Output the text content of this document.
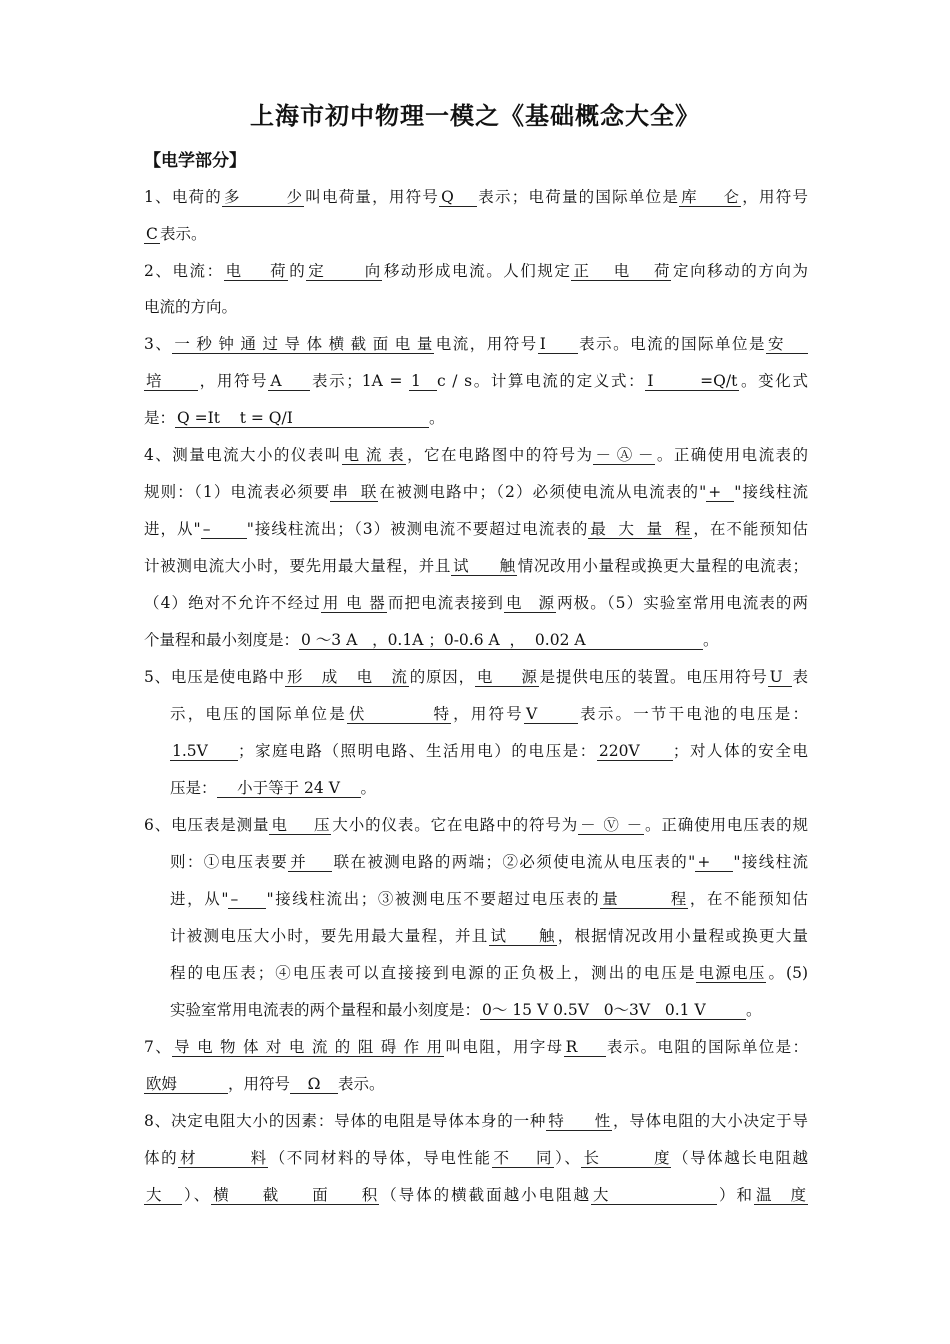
上海市初中物理一模之《基础概念大全》
【电学部分】
1、电荷的 多少 叫电荷量，用符号 Q 表示；电荷量的国际单位是 库仑 ，用符号
C 表示。
2、电流： 电荷 的 定向 移动形成电流。人们规定 正电荷 定向移动的方向为
电流的方向。
3、 一秒钟通过导体横截面电量 电流，用符号 I 表示。电流的国际单位是 安
培 ，用符号 A 表示；1A = 1 c / s。计算电流的定义式： I =Q/t 。变化式
是： Q =It    t = Q/I	。
4、测量电流大小的仪表叫 电流表 ，它在电路图中的符号为 －Ⓐ－ 。正确使用电流表的
规则：（1）电流表必须要 串联 在被测电路中；（2）必须使电流从电流表的" + "接线柱流
进，从" – "接线柱流出；（3）被测电流不要超过电流表的 最大量程 ，在不能预知估
计被测电流大小时，要先用最大量程，并且 试触 情况改用小量程或换更大量程的电流表；
（4）绝对不允许不经过 用电器 而把电流表接到 电源 两极。（5）实验室常用电流表的两
个量程和最小刻度是： 0 ～3 A   ，0.1A ；0-0.6 A  ，  0.02 A	。
5、电压是使电路中 形成电流 的原因， 电源 是提供电压的装置。电压用符号 U 表
示，电压的国际单位是 伏特 ，用符号 V	表示。一节干电池的电压是：
1.5V ；家庭电路（照明电路、生活用电）的电压是： 220V ；对人体的安全电
压是： 小于等于 24 V 。
6、电压表是测量 电压 大小的仪表。它在电路中的符号为 －Ⓥ－ 。正确使用电压表的规
则：①电压表要 并 联在被测电路的两端；②必须使电流从电压表的" + "接线柱流
进，从" – "接线柱流出；③被测电压不要超过电压表的 量程 ，在不能预知估
计被测电压大小时，要先用最大量程，并且 试触 ，根据情况改用小量程或换更大量
程的电压表；④电压表可以直接接到电源的正负极上，测出的电压是 电源电压 。(5)
实验室常用电流表的两个量程和最小刻度是： 0～ 15 V 0.5V   0～3V   0.1 V	。
7、 导电物体对电流的阻碍作用 叫电阻，用字母 R 表示。电阻的国际单位是：
欧姆	，用符号 Ω 表示。
8、决定电阻大小的因素：导体的电阻是导体本身的一种 特性 ，导体电阻的大小决定于导
体的 材料 （不同材料的导体，导电性能 不同 ）、 长度 （导体越长电阻越
大 ）、 横截面积 （导体的横截面越小电阻越 大	）和 温度
